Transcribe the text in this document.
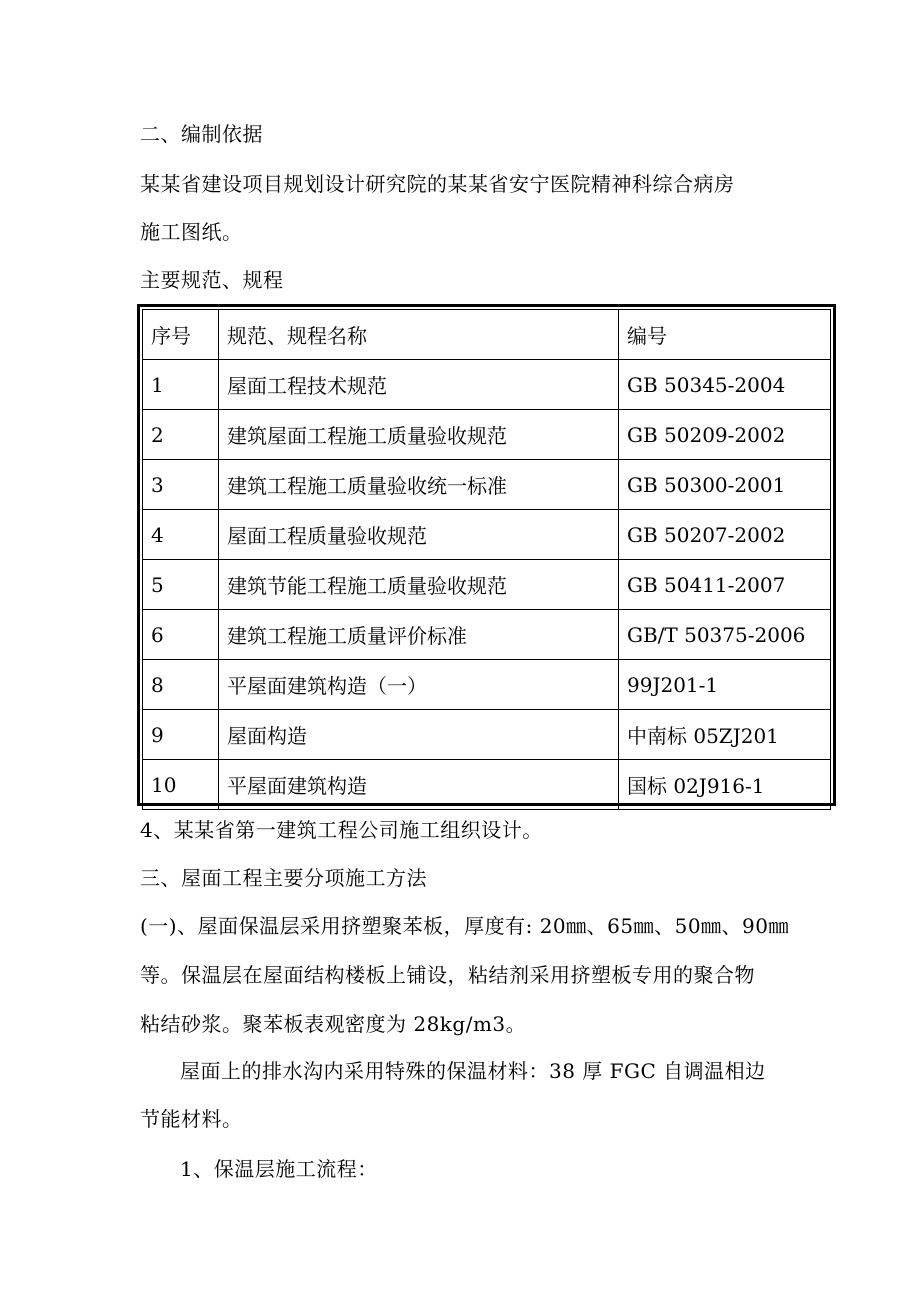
二、编制依据
某某省建设项目规划设计研究院的某某省安宁医院精神科综合病房
施工图纸。
主要规范、规程
序号	规范、规程名称	编号
1	屋面工程技术规范	GB 50345-2004
2	建筑屋面工程施工质量验收规范	GB 50209-2002
3	建筑工程施工质量验收统一标准	GB 50300-2001
4	屋面工程质量验收规范	GB 50207-2002
5	建筑节能工程施工质量验收规范	GB 50411-2007
6	建筑工程施工质量评价标准	GB/T 50375-2006
8	平屋面建筑构造（一）	99J201-1
9	屋面构造	中南标 05ZJ201
10	平屋面建筑构造	国标 02J916-1
4、某某省第一建筑工程公司施工组织设计。
三、屋面工程主要分项施工方法
(一)、屋面保温层采用挤塑聚苯板，厚度有: 20㎜、65㎜、50㎜、90㎜
等。保温层在屋面结构楼板上铺设，粘结剂采用挤塑板专用的聚合物
粘结砂浆。聚苯板表观密度为 28kg/m3。
屋面上的排水沟内采用特殊的保温材料：38 厚 FGC 自调温相边
节能材料。
1、保温层施工流程：
